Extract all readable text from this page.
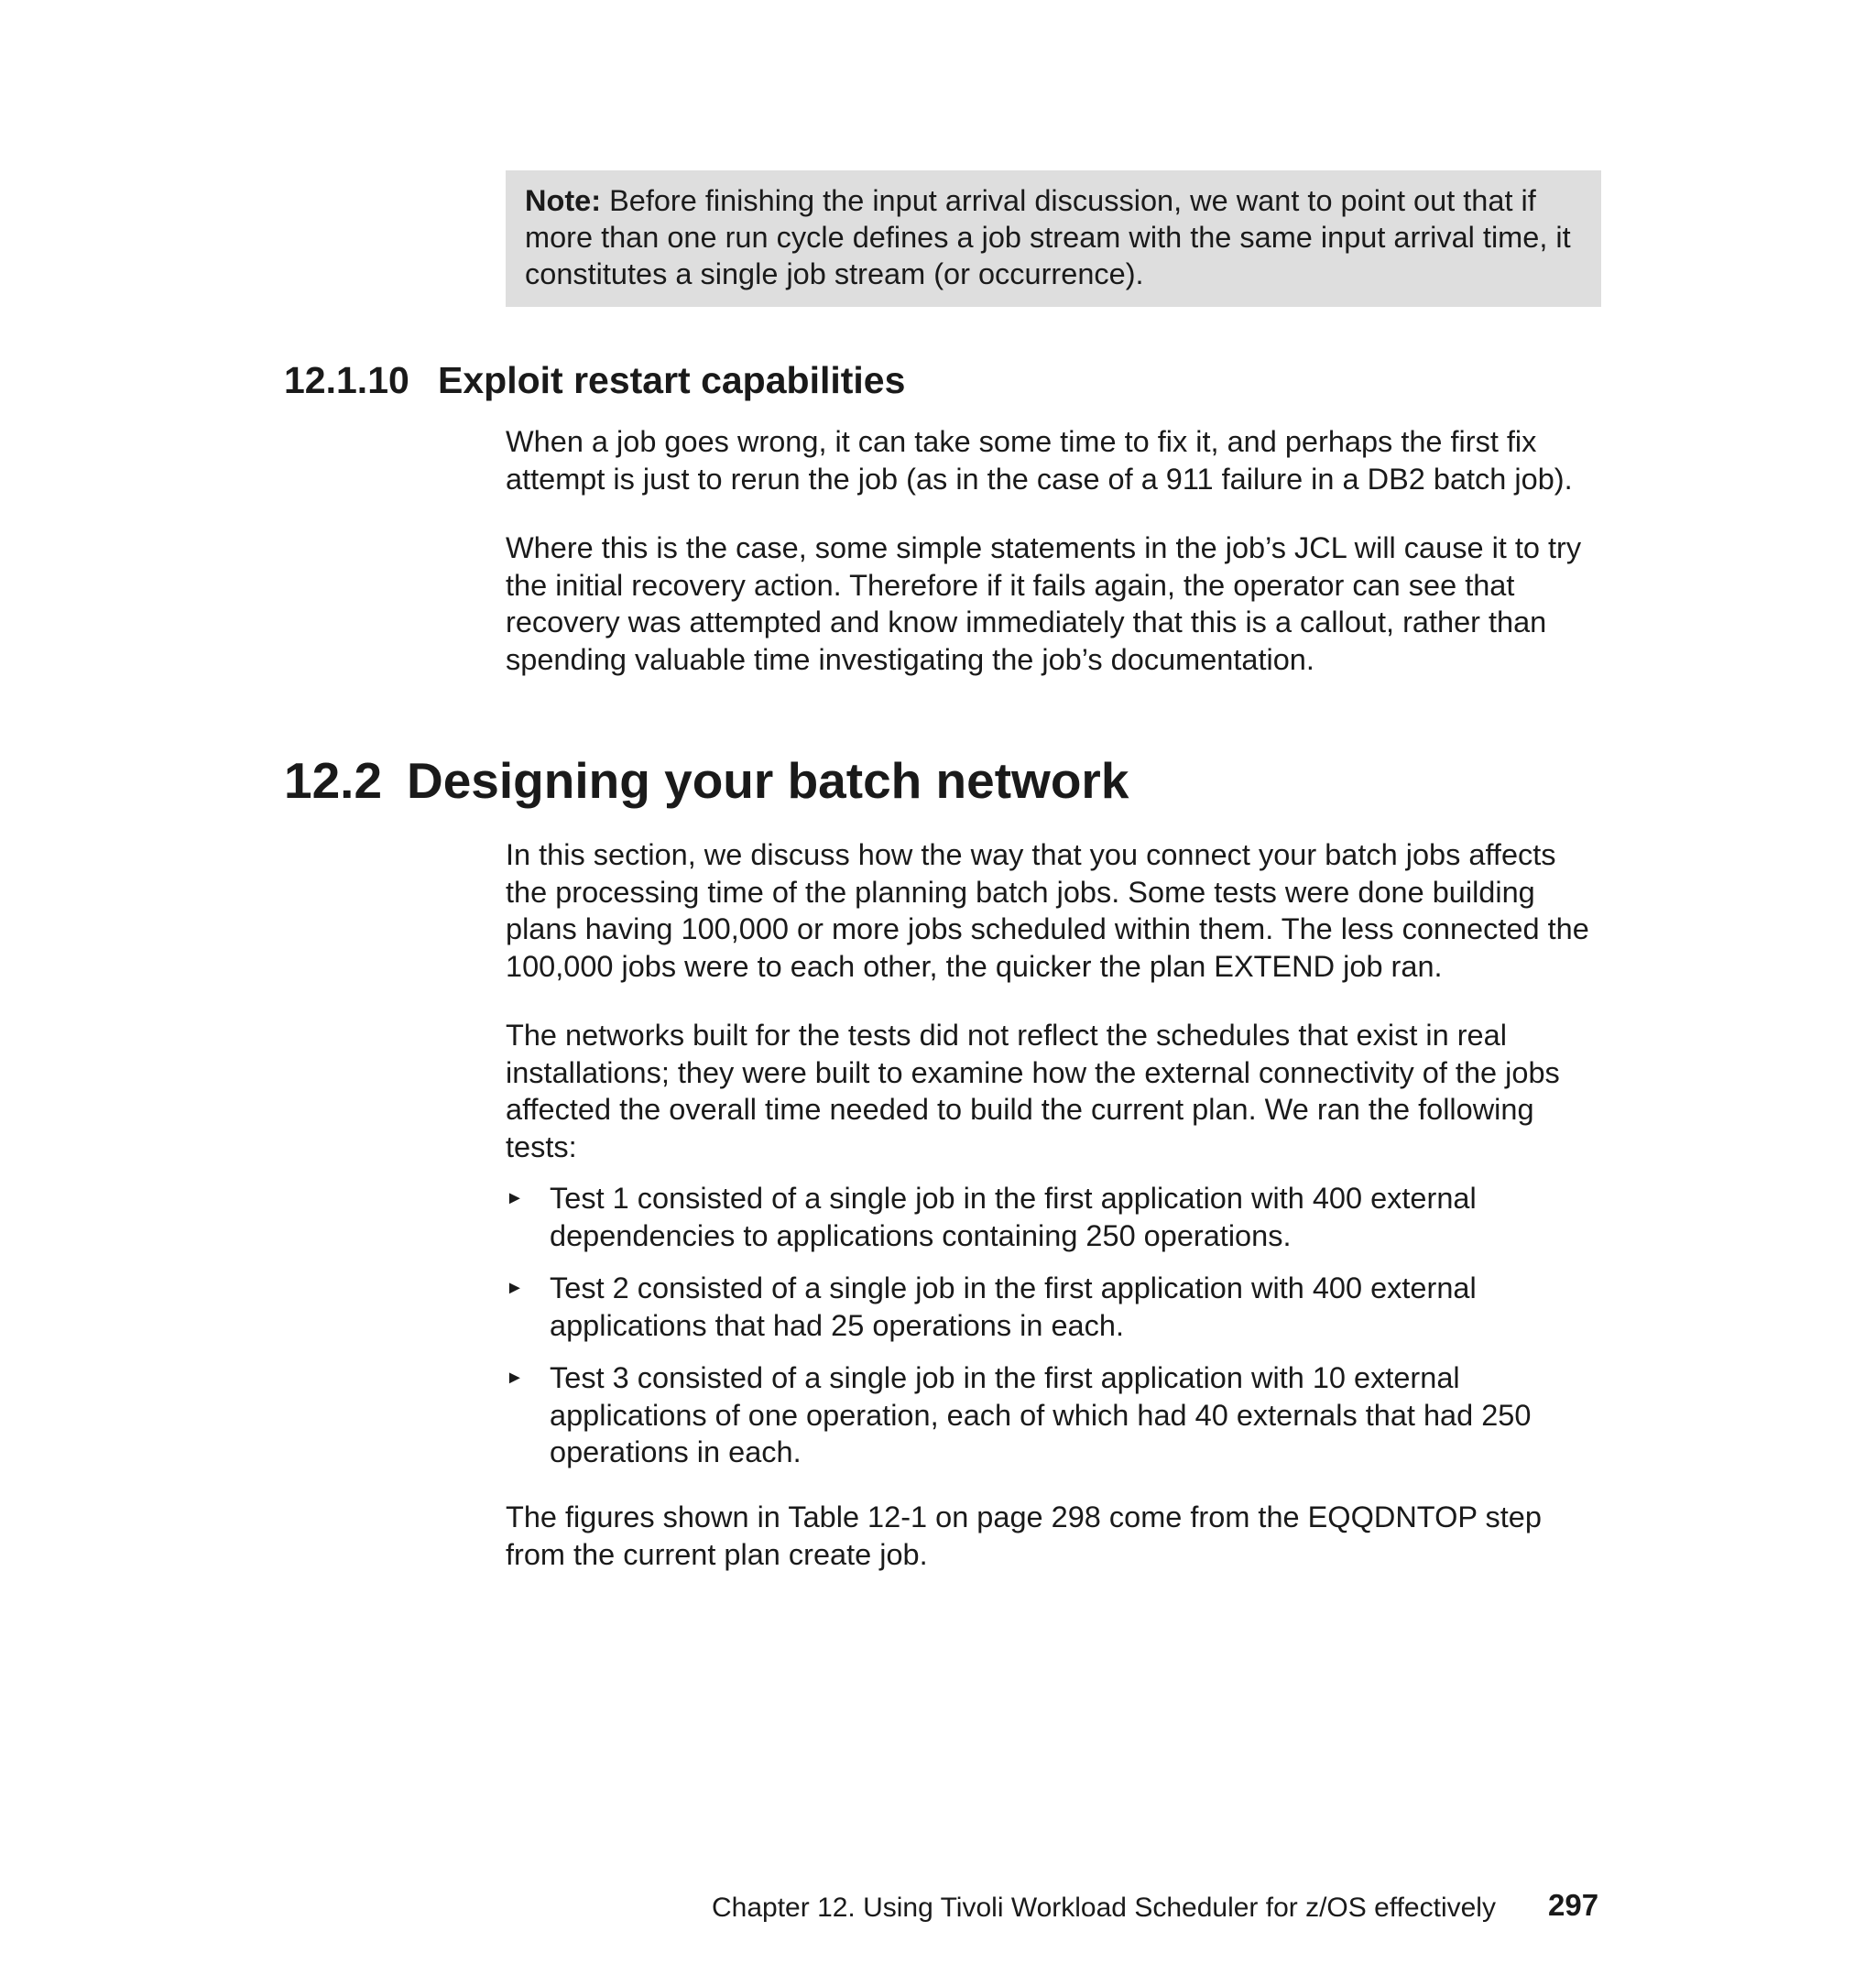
Note: Before finishing the input arrival discussion, we want to point out that if more than one run cycle defines a job stream with the same input arrival time, it constitutes a single job stream (or occurrence).
12.1.10 Exploit restart capabilities

When a job goes wrong, it can take some time to fix it, and perhaps the first fix attempt is just to rerun the job (as in the case of a 911 failure in a DB2 batch job).

Where this is the case, some simple statements in the job’s JCL will cause it to try the initial recovery action. Therefore if it fails again, the operator can see that recovery was attempted and know immediately that this is a callout, rather than spending valuable time investigating the job’s documentation.

12.2 Designing your batch network

In this section, we discuss how the way that you connect your batch jobs affects the processing time of the planning batch jobs. Some tests were done building plans having 100,000 or more jobs scheduled within them. The less connected the 100,000 jobs were to each other, the quicker the plan EXTEND job ran.

The networks built for the tests did not reflect the schedules that exist in real installations; they were built to examine how the external connectivity of the jobs affected the overall time needed to build the current plan. We ran the following tests:

► Test 1 consisted of a single job in the first application with 400 external dependencies to applications containing 250 operations.
► Test 2 consisted of a single job in the first application with 400 external applications that had 25 operations in each.
► Test 3 consisted of a single job in the first application with 10 external applications of one operation, each of which had 40 externals that had 250 operations in each.

The figures shown in Table 12-1 on page 298 come from the EQQDNTOP step from the current plan create job.

Chapter 12. Using Tivoli Workload Scheduler for z/OS effectively 297
